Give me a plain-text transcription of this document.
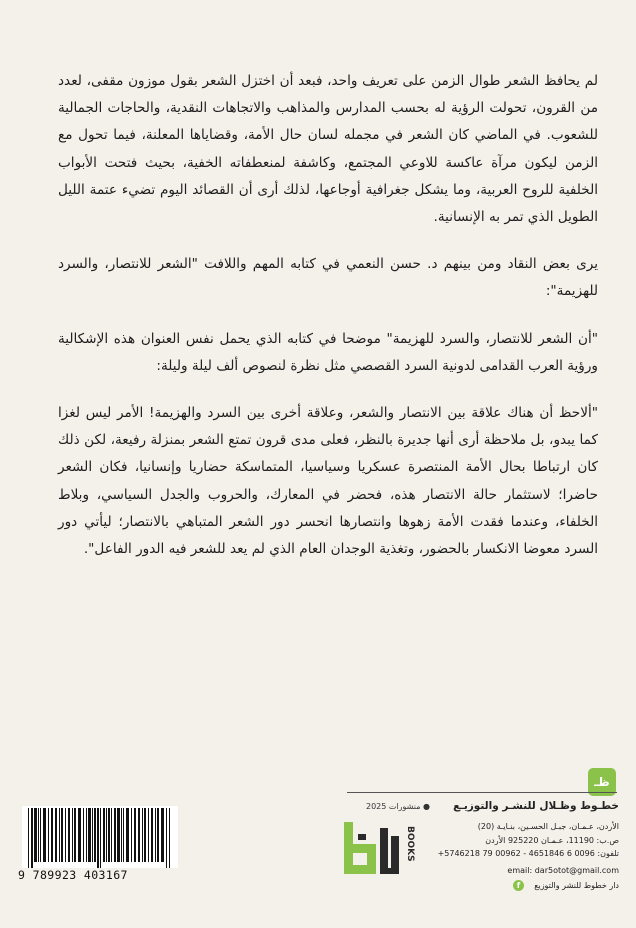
لم يحافظ الشعر طوال الزمن على تعريف واحد، فبعد أن اختزل الشعر بقول موزون مقفى، لعدد من القرون، تحولت الرؤية له بحسب المدارس والمذاهب والاتجاهات النقدية، والحاجات الجمالية للشعوب. في الماضي كان الشعر في مجمله لسان حال الأمة، وقضاياها المعلنة، فيما تحول مع الزمن ليكون مرآة عاكسة للاوعي المجتمع، وكاشفة لمنعطفاته الخفية، بحيث فتحت الأبواب الخلفية للروح العربية، وما يشكل جغرافية أوجاعها، لذلك أرى أن القصائد اليوم تضيء عتمة الليل الطويل الذي تمر به الإنسانية.

يرى بعض النقاد ومن بينهم د. حسن النعمي في كتابه المهم واللافت "الشعر للانتصار، والسرد للهزيمة":

"أن الشعر للانتصار، والسرد للهزيمة" موضحا في كتابه الذي يحمل نفس العنوان هذه الإشكالية ورؤية العرب القدامى لدونية السرد القصصي مثل نظرة لنصوص ألف ليلة وليلة:

"ألاحظ أن هناك علاقة بين الانتصار والشعر، وعلاقة أخرى بين السرد والهزيمة! الأمر ليس لغزا كما يبدو، بل ملاحظة أرى أنها جديرة بالنظر، فعلى مدى قرون تمتع الشعر بمنزلة رفيعة، لكن ذلك كان ارتباطا بحال الأمة المنتصرة عسكريا وسياسيا، المتماسكة حضاريا وإنسانيا، فكان الشعر حاضرا؛ لاستثمار حالة الانتصار هذه، فحضر في المعارك، والحروب والجدل السياسي، وبلاط الخلفاء، وعندما فقدت الأمة زهوها وانتصارها انحسر دور الشعر المتباهي بالانتصار؛ ليأتي دور السرد معوضا الانكسار بالحضور، وتغذية الوجدان العام الذي لم يعد للشعر فيه الدور الفاعل".

ظـ
● منشورات 2025	خطـوط وظـلال للنشـر والتوزيـع
الأردن، عـمـان، جبـل الحسـين، بنـايـة (20)
ص.ب: 11190، عـمـان 925220 الأردن
تلفون: 0096 6 4651846 - 00962 79 5746218+
email: dar5otot@gmail.com
دار خطوط للنشر والتوزيع
f
BOOKS
9 789923 403167
